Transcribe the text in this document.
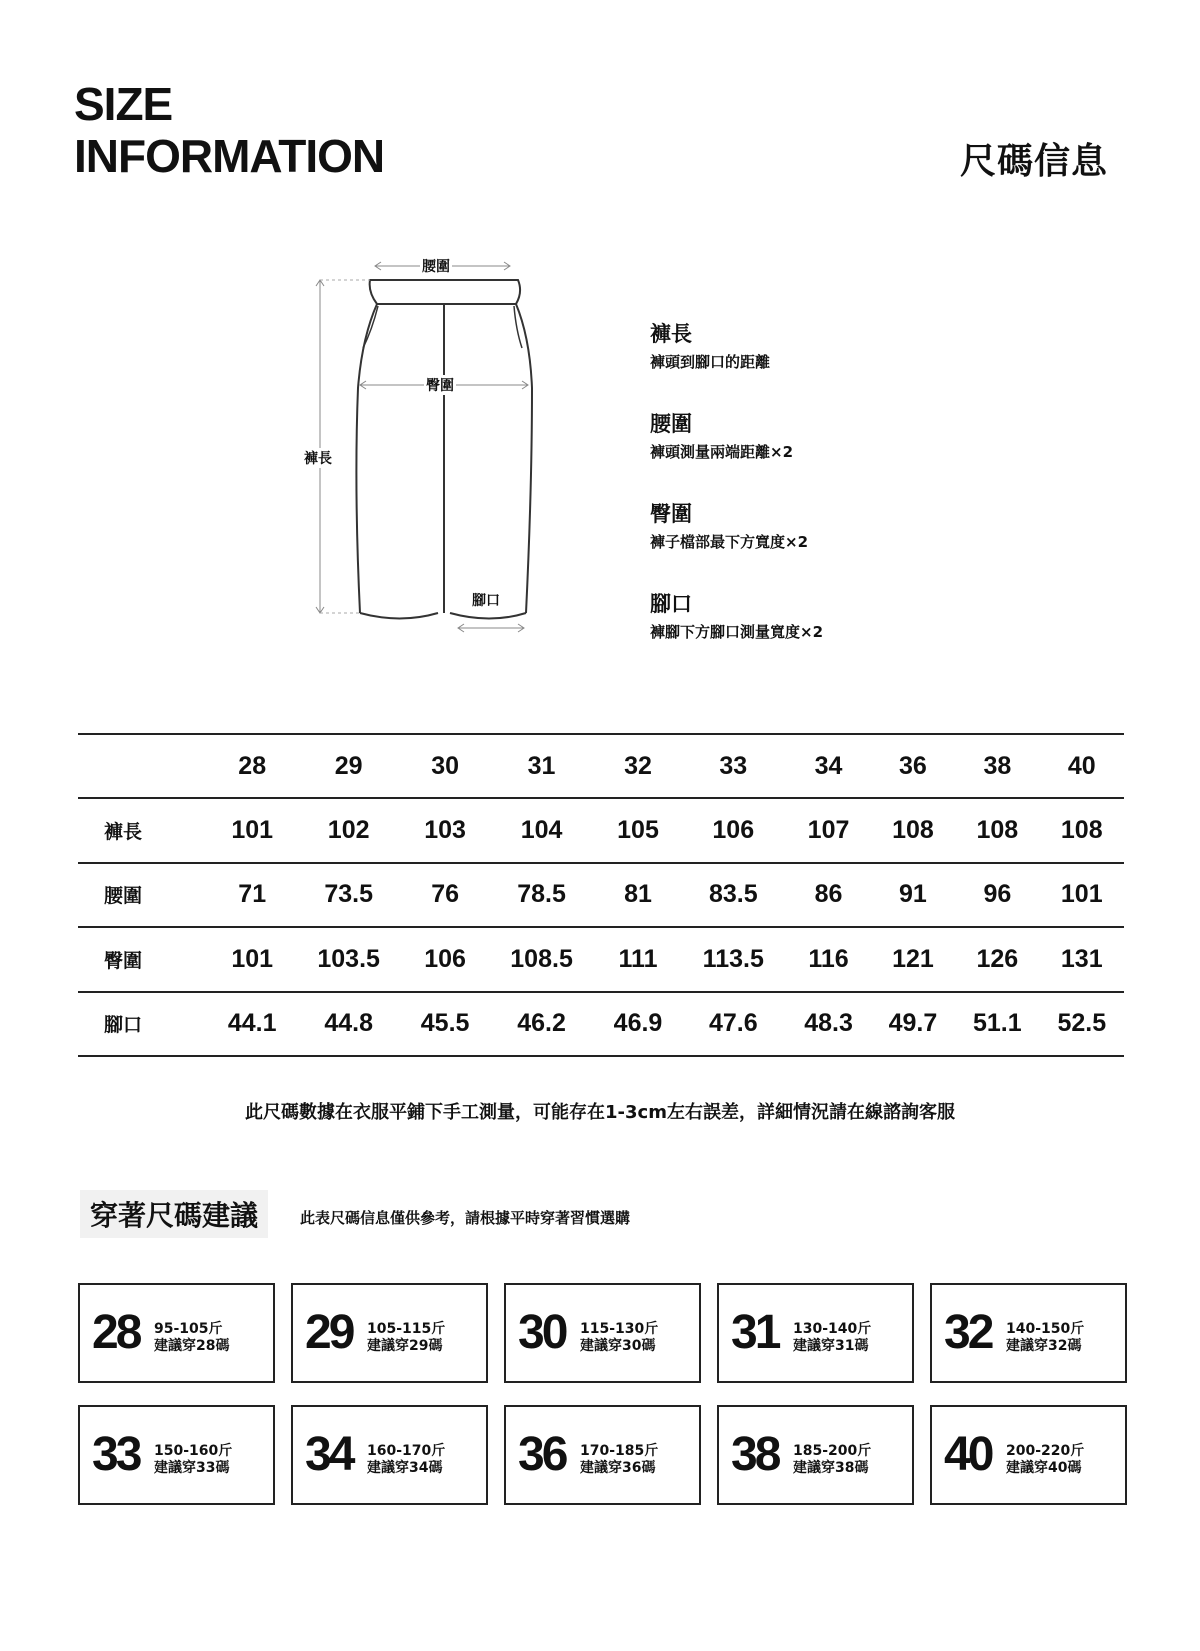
SIZE
INFORMATION	尺碼信息
腰圍
臀圍
褲長
腳口
褲長
褲頭到腳口的距離
腰圍
褲頭測量兩端距離×2
臀圍
褲子檔部最下方寬度×2
腳口
褲腳下方腳口測量寬度×2
	28	29	30	31	32	33	34	36	38	40
褲長	101	102	103	104	105	106	107	108	108	108
腰圍	71	73.5	76	78.5	81	83.5	86	91	96	101
臀圍	101	103.5	106	108.5	111	113.5	116	121	126	131
腳口	44.1	44.8	45.5	46.2	46.9	47.6	48.3	49.7	51.1	52.5
此尺碼數據在衣服平鋪下手工測量，可能存在1-3cm左右誤差，詳細情況請在線諮詢客服
穿著尺碼建議	此表尺碼信息僅供參考，請根據平時穿著習慣選購
28 95-105斤
建議穿28碼 29 105-115斤
建議穿29碼 30 115-130斤
建議穿30碼 31 130-140斤
建議穿31碼 32 140-150斤
建議穿32碼
33 150-160斤
建議穿33碼 34 160-170斤
建議穿34碼 36 170-185斤
建議穿36碼 38 185-200斤
建議穿38碼 40 200-220斤
建議穿40碼
